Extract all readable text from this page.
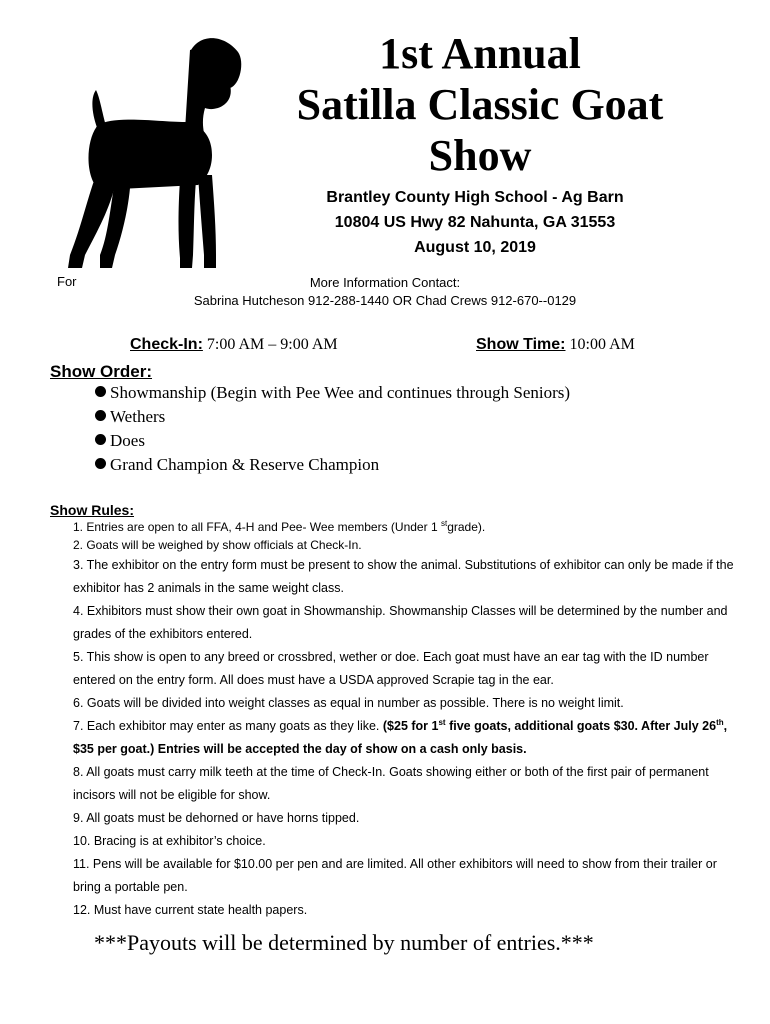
1st Annual
Satilla Classic Goat
Show
Brantley County High School - Ag Barn
10804 US Hwy 82 Nahunta, GA 31553
August 10, 2019
For	More Information Contact:
Sabrina Hutcheson 912-288-1440 OR Chad Crews 912-670--0129
Check-In: 7:00 AM – 9:00 AM	Show Time: 10:00 AM
Show Order:
Showmanship (Begin with Pee Wee and continues through Seniors)
Wethers
Does
Grand Champion & Reserve Champion
Show Rules:
1. Entries are open to all FFA, 4-H and Pee- Wee members (Under 1 $^{st}$grade).
2. Goats will be weighed by show officials at Check-In.
3. The exhibitor on the entry form must be present to show the animal. Substitutions of exhibitor can only be made if the exhibitor has 2 animals in the same weight class.
4. Exhibitors must show their own goat in Showmanship. Showmanship Classes will be determined by the number and grades of the exhibitors entered.
5. This show is open to any breed or crossbred, wether or doe. Each goat must have an ear tag with the ID number entered on the entry form. All does must have a USDA approved Scrapie tag in the ear.
6. Goats will be divided into weight classes as equal in number as possible. There is no weight limit.
7. Each exhibitor may enter as many goats as they like. ($25 for 1st five goats, additional goats $30. After July 26th, $35 per goat.) Entries will be accepted the day of show on a cash only basis.
8. All goats must carry milk teeth at the time of Check-In. Goats showing either or both of the first pair of permanent incisors will not be eligible for show.
9. All goats must be dehorned or have horns tipped.
10. Bracing is at exhibitor’s choice.
11. Pens will be available for $10.00 per pen and are limited. All other exhibitors will need to show from their trailer or bring a portable pen.
12. Must have current state health papers.
***Payouts will be determined by number of entries.***
